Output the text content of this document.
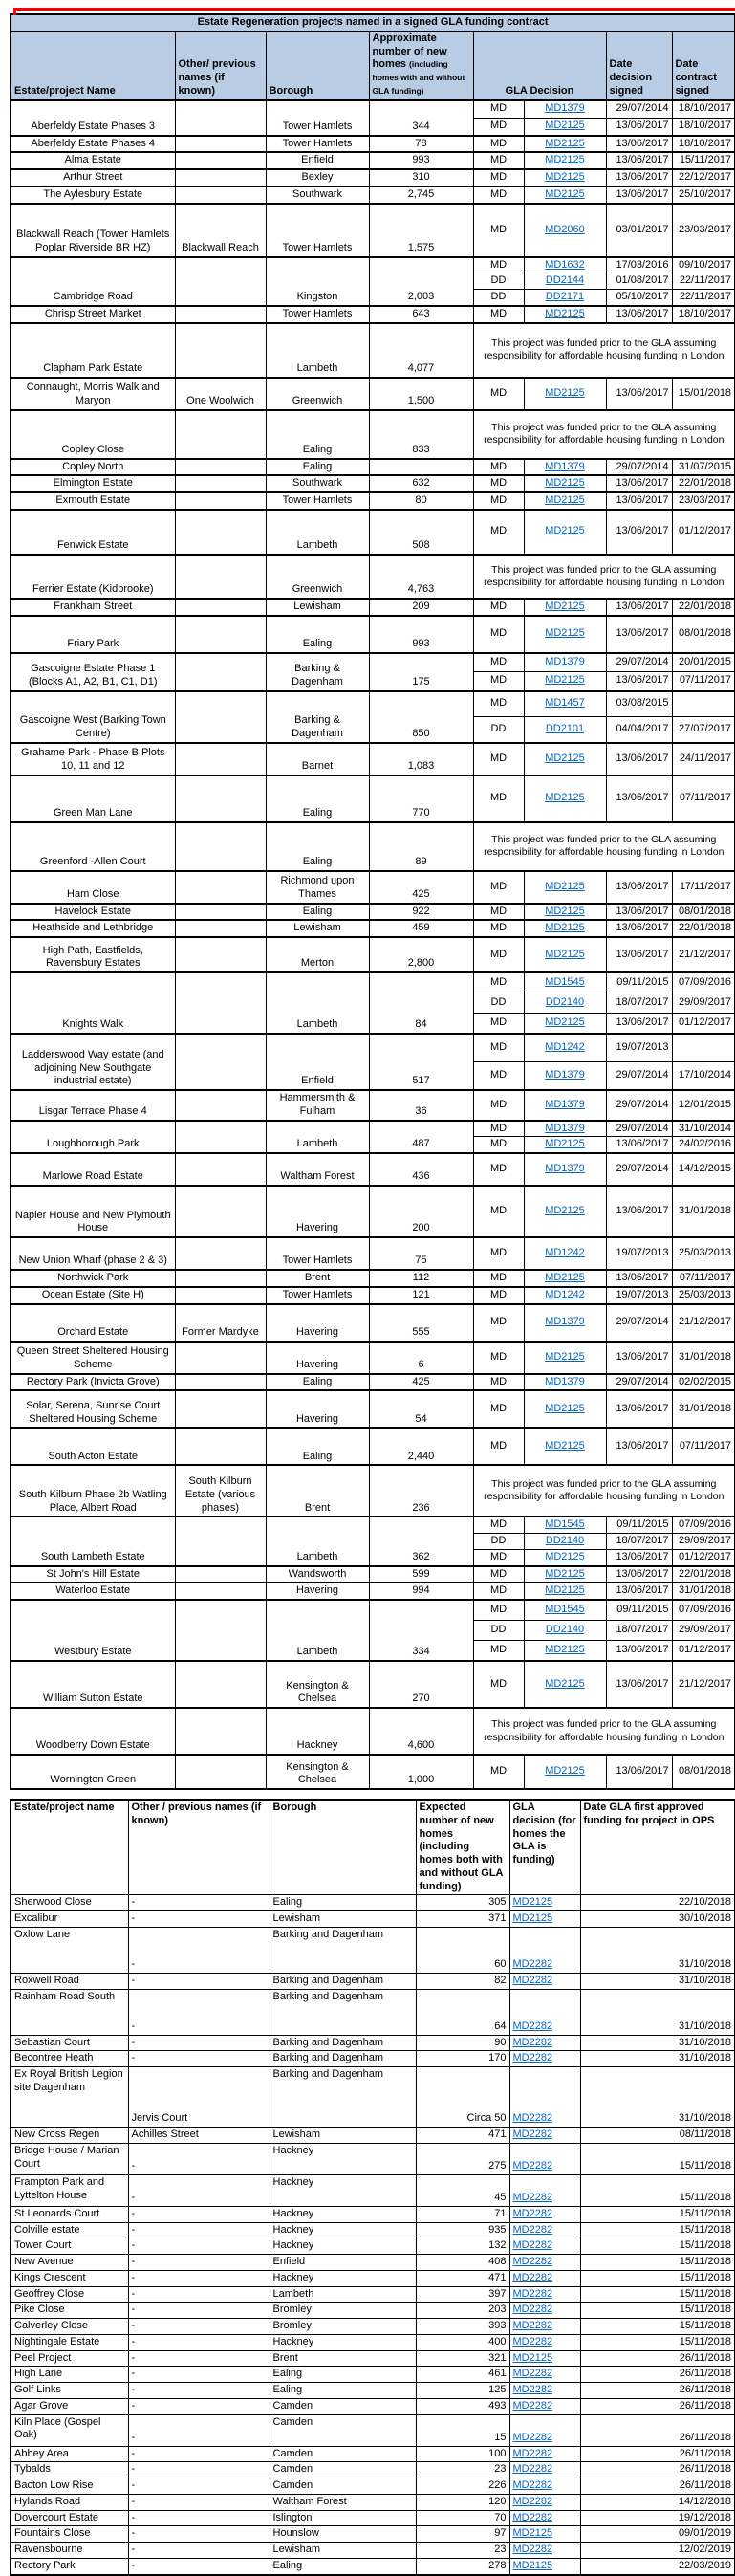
Estate Regeneration projects named in a signed GLA funding contract							
Estate/project Name	Other/ previous names (if known)	Borough	Approximate number of new homes (including homes with and without GLA funding)	GLA Decision		Date decision signed	Date contract signed
Aberfeldy Estate Phases 3		Tower Hamlets	344	MD	MD1379	29/07/2014	18/10/2017
				MD	MD2125	13/06/2017	18/10/2017
Aberfeldy Estate Phases 4		Tower Hamlets	78	MD	MD2125	13/06/2017	18/10/2017
Alma Estate		Enfield	993	MD	MD2125	13/06/2017	15/11/2017
Arthur Street		Bexley	310	MD	MD2125	13/06/2017	22/12/2017
The Aylesbury Estate		Southwark	2,745	MD	MD2125	13/06/2017	25/10/2017
Blackwall Reach (Tower Hamlets Poplar Riverside BR HZ)	Blackwall Reach	Tower Hamlets	1,575	MD	MD2060	03/01/2017	23/03/2017
Cambridge Road		Kingston	2,003	MD	MD1632	17/03/2016	09/10/2017
				DD	DD2144	01/08/2017	22/11/2017
				DD	DD2171	05/10/2017	22/11/2017
Chrisp Street Market		Tower Hamlets	643	MD	MD2125	13/06/2017	18/10/2017
Clapham Park Estate		Lambeth	4,077	This project was funded prior to the GLA assuming responsibility for affordable housing funding in London			
Connaught, Morris Walk and Maryon	One Woolwich	Greenwich	1,500	MD	MD2125	13/06/2017	15/01/2018
Copley Close		Ealing	833	This project was funded prior to the GLA assuming responsibility for affordable housing funding in London			
Copley North		Ealing		MD	MD1379	29/07/2014	31/07/2015
Elmington Estate		Southwark	632	MD	MD2125	13/06/2017	22/01/2018
Exmouth Estate		Tower Hamlets	80	MD	MD2125	13/06/2017	23/03/2017
Fenwick Estate		Lambeth	508	MD	MD2125	13/06/2017	01/12/2017
Ferrier Estate (Kidbrooke)		Greenwich	4,763	This project was funded prior to the GLA assuming responsibility for affordable housing funding in London			
Frankham Street		Lewisham	209	MD	MD2125	13/06/2017	22/01/2018
Friary Park		Ealing	993	MD	MD2125	13/06/2017	08/01/2018
Gascoigne Estate Phase 1 (Blocks A1, A2, B1, C1, D1)		Barking & Dagenham	175	MD	MD1379	29/07/2014	20/01/2015
				MD	MD2125	13/06/2017	07/11/2017
Gascoigne West (Barking Town Centre)		Barking & Dagenham	850	MD	MD1457	03/08/2015	
				DD	DD2101	04/04/2017	27/07/2017
Grahame Park - Phase B Plots 10, 11 and 12		Barnet	1,083	MD	MD2125	13/06/2017	24/11/2017
Green Man Lane		Ealing	770	MD	MD2125	13/06/2017	07/11/2017
Greenford -Allen Court		Ealing	89	This project was funded prior to the GLA assuming responsibility for affordable housing funding in London			
Ham Close		Richmond upon Thames	425	MD	MD2125	13/06/2017	17/11/2017
Havelock Estate		Ealing	922	MD	MD2125	13/06/2017	08/01/2018
Heathside and Lethbridge		Lewisham	459	MD	MD2125	13/06/2017	22/01/2018
High Path, Eastfields, Ravensbury Estates		Merton	2,800	MD	MD2125	13/06/2017	21/12/2017
Knights Walk		Lambeth	84	MD	MD1545	09/11/2015	07/09/2016
				DD	DD2140	18/07/2017	29/09/2017
				MD	MD2125	13/06/2017	01/12/2017
Ladderswood Way estate (and adjoining New Southgate industrial estate)		Enfield	517	MD	MD1242	19/07/2013	
				MD	MD1379	29/07/2014	17/10/2014
Lisgar Terrace Phase 4		Hammersmith & Fulham	36	MD	MD1379	29/07/2014	12/01/2015
Loughborough Park		Lambeth	487	MD	MD1379	29/07/2014	31/10/2014
				MD	MD2125	13/06/2017	24/02/2016
Marlowe Road Estate		Waltham Forest	436	MD	MD1379	29/07/2014	14/12/2015
Napier House and New Plymouth House		Havering	200	MD	MD2125	13/06/2017	31/01/2018
New Union Wharf (phase 2 & 3)		Tower Hamlets	75	MD	MD1242	19/07/2013	25/03/2013
Northwick Park		Brent	112	MD	MD2125	13/06/2017	07/11/2017
Ocean Estate (Site H)		Tower Hamlets	121	MD	MD1242	19/07/2013	25/03/2013
Orchard Estate	Former Mardyke	Havering	555	MD	MD1379	29/07/2014	21/12/2017
Queen Street Sheltered Housing Scheme		Havering	6	MD	MD2125	13/06/2017	31/01/2018
Rectory Park (Invicta Grove)		Ealing	425	MD	MD1379	29/07/2014	02/02/2015
Solar, Serena, Sunrise Court Sheltered Housing Scheme		Havering	54	MD	MD2125	13/06/2017	31/01/2018
South Acton Estate		Ealing	2,440	MD	MD2125	13/06/2017	07/11/2017
South Kilburn Phase 2b Watling Place, Albert Road	South Kilburn Estate (various phases)	Brent	236	This project was funded prior to the GLA assuming responsibility for affordable housing funding in London			
South Lambeth Estate		Lambeth	362	MD	MD1545	09/11/2015	07/09/2016
				DD	DD2140	18/07/2017	29/09/2017
				MD	MD2125	13/06/2017	01/12/2017
St John's Hill Estate		Wandsworth	599	MD	MD2125	13/06/2017	22/01/2018
Waterloo Estate		Havering	994	MD	MD2125	13/06/2017	31/01/2018
Westbury Estate		Lambeth	334	MD	MD1545	09/11/2015	07/09/2016
				DD	DD2140	18/07/2017	29/09/2017
				MD	MD2125	13/06/2017	01/12/2017
William Sutton Estate		Kensington & Chelsea	270	MD	MD2125	13/06/2017	21/12/2017
Woodberry Down Estate		Hackney	4,600	This project was funded prior to the GLA assuming responsibility for affordable housing funding in London			
Wornington Green		Kensington & Chelsea	1,000	MD	MD2125	13/06/2017	08/01/2018
Estate/project name	Other / previous names (if known)	Borough	Expected number of new homes (including homes both with and without GLA funding)	GLA decision (for homes the GLA is funding)	Date GLA first approved funding for project in OPS
Sherwood Close	-	Ealing	305	MD2125	22/10/2018
Excalibur	-	Lewisham	371	MD2125	30/10/2018
Oxlow Lane	-	Barking and Dagenham	60	MD2282	31/10/2018
Roxwell Road	-	Barking and Dagenham	82	MD2282	31/10/2018
Rainham Road South	-	Barking and Dagenham	64	MD2282	31/10/2018
Sebastian Court	-	Barking and Dagenham	90	MD2282	31/10/2018
Becontree Heath	-	Barking and Dagenham	170	MD2282	31/10/2018
Ex Royal British Legion site Dagenham	Jervis Court	Barking and Dagenham	Circa 50	MD2282	31/10/2018
New Cross Regen	Achilles Street	Lewisham	471	MD2282	08/11/2018
Bridge House / Marian Court	-	Hackney	275	MD2282	15/11/2018
Frampton Park and Lyttelton House	-	Hackney	45	MD2282	15/11/2018
St Leonards Court	-	Hackney	71	MD2282	15/11/2018
Colville estate	-	Hackney	935	MD2282	15/11/2018
Tower Court	-	Hackney	132	MD2282	15/11/2018
New Avenue	-	Enfield	408	MD2282	15/11/2018
Kings Crescent	-	Hackney	471	MD2282	15/11/2018
Geoffrey Close	-	Lambeth	397	MD2282	15/11/2018
Pike Close	-	Bromley	203	MD2282	15/11/2018
Calverley Close	-	Bromley	393	MD2282	15/11/2018
Nightingale Estate	-	Hackney	400	MD2282	15/11/2018
Peel Project	-	Brent	321	MD2125	26/11/2018
High Lane	-	Ealing	461	MD2282	26/11/2018
Golf Links	-	Ealing	125	MD2282	26/11/2018
Agar Grove	-	Camden	493	MD2282	26/11/2018
Kiln Place (Gospel Oak)	-	Camden	15	MD2282	26/11/2018
Abbey Area	-	Camden	100	MD2282	26/11/2018
Tybalds	-	Camden	23	MD2282	26/11/2018
Bacton Low Rise	-	Camden	226	MD2282	26/11/2018
Hylands Road	-	Waltham Forest	120	MD2282	14/12/2018
Dovercourt Estate	-	Islington	70	MD2282	19/12/2018
Fountains Close	-	Hounslow	97	MD2125	09/01/2019
Ravensbourne	-	Lewisham	23	MD2282	12/02/2019
Rectory Park	-	Ealing	278	MD2125	22/03/2019
